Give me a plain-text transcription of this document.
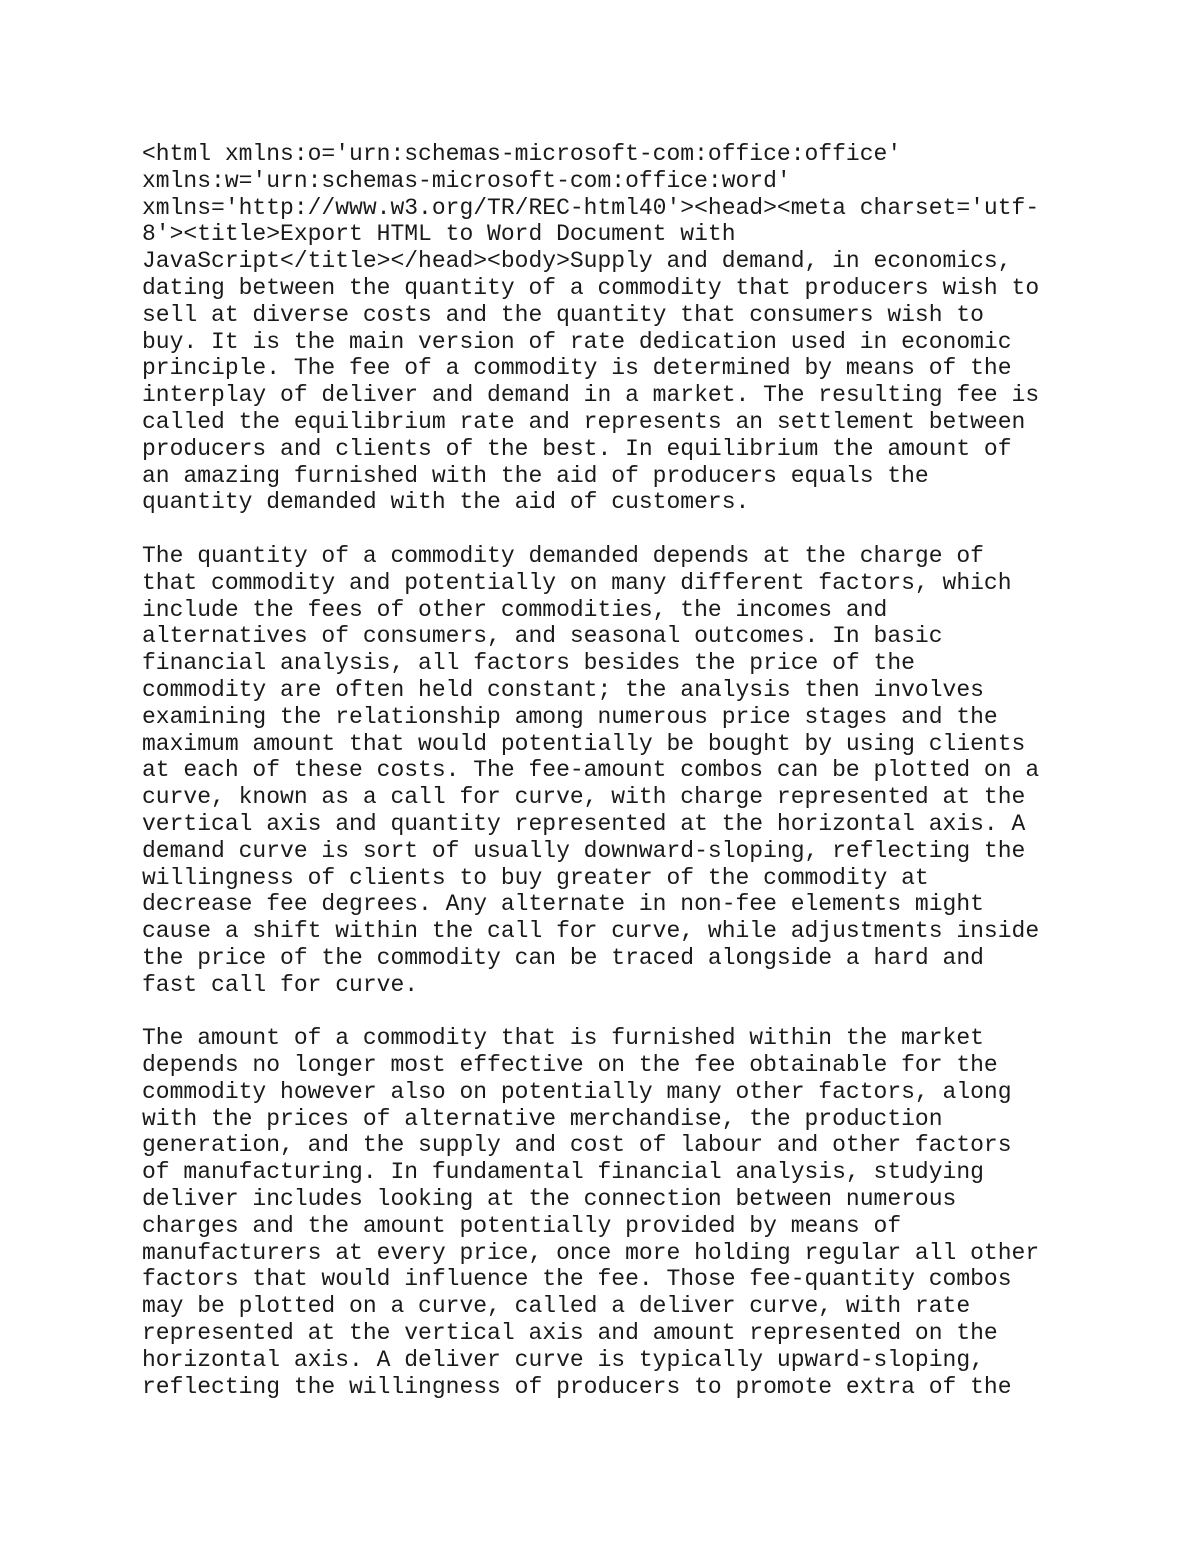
<html xmlns:o='urn:schemas-microsoft-com:office:office'
xmlns:w='urn:schemas-microsoft-com:office:word'
xmlns='http://www.w3.org/TR/REC-html40'><head><meta charset='utf-
8'><title>Export HTML to Word Document with
JavaScript</title></head><body>Supply and demand, in economics,
dating between the quantity of a commodity that producers wish to
sell at diverse costs and the quantity that consumers wish to
buy. It is the main version of rate dedication used in economic
principle. The fee of a commodity is determined by means of the
interplay of deliver and demand in a market. The resulting fee is
called the equilibrium rate and represents an settlement between
producers and clients of the best. In equilibrium the amount of
an amazing furnished with the aid of producers equals the
quantity demanded with the aid of customers.
The quantity of a commodity demanded depends at the charge of
that commodity and potentially on many different factors, which
include the fees of other commodities, the incomes and
alternatives of consumers, and seasonal outcomes. In basic
financial analysis, all factors besides the price of the
commodity are often held constant; the analysis then involves
examining the relationship among numerous price stages and the
maximum amount that would potentially be bought by using clients
at each of these costs. The fee-amount combos can be plotted on a
curve, known as a call for curve, with charge represented at the
vertical axis and quantity represented at the horizontal axis. A
demand curve is sort of usually downward-sloping, reflecting the
willingness of clients to buy greater of the commodity at
decrease fee degrees. Any alternate in non-fee elements might
cause a shift within the call for curve, while adjustments inside
the price of the commodity can be traced alongside a hard and
fast call for curve.
The amount of a commodity that is furnished within the market
depends no longer most effective on the fee obtainable for the
commodity however also on potentially many other factors, along
with the prices of alternative merchandise, the production
generation, and the supply and cost of labour and other factors
of manufacturing. In fundamental financial analysis, studying
deliver includes looking at the connection between numerous
charges and the amount potentially provided by means of
manufacturers at every price, once more holding regular all other
factors that would influence the fee. Those fee-quantity combos
may be plotted on a curve, called a deliver curve, with rate
represented at the vertical axis and amount represented on the
horizontal axis. A deliver curve is typically upward-sloping,
reflecting the willingness of producers to promote extra of the
